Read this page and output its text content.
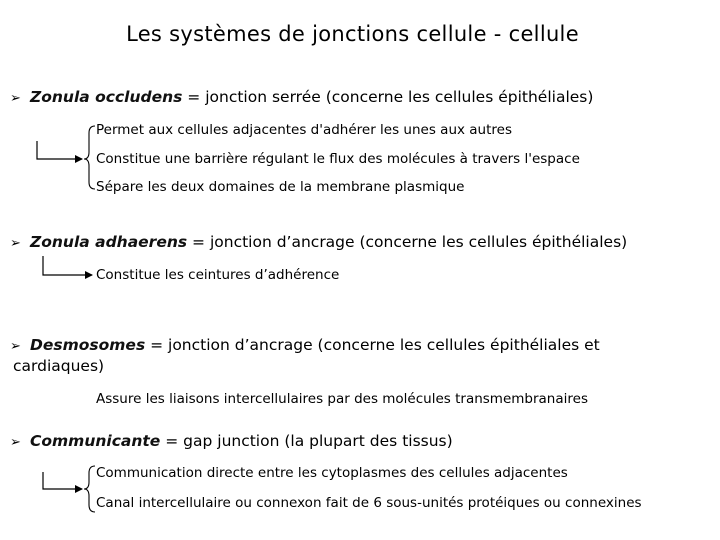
Les systèmes de jonctions cellule - cellule
➢ Zonula occludens = jonction serrée (concerne les cellules épithéliales)
Permet aux cellules adjacentes d'adhérer les unes aux autres
Constitue une barrière régulant le flux des molécules à travers l'espace
Sépare les deux domaines de la membrane plasmique
➢ Zonula adhaerens = jonction d’ancrage (concerne les cellules épithéliales)
Constitue les ceintures d’adhérence
➢ Desmosomes = jonction d’ancrage (concerne les cellules épithéliales et
cardiaques)
Assure les liaisons intercellulaires par des molécules transmembranaires
➢ Communicante = gap junction (la plupart des tissus)
Communication directe entre les cytoplasmes des cellules adjacentes
Canal intercellulaire ou connexon fait de 6 sous-unités protéiques ou connexines
